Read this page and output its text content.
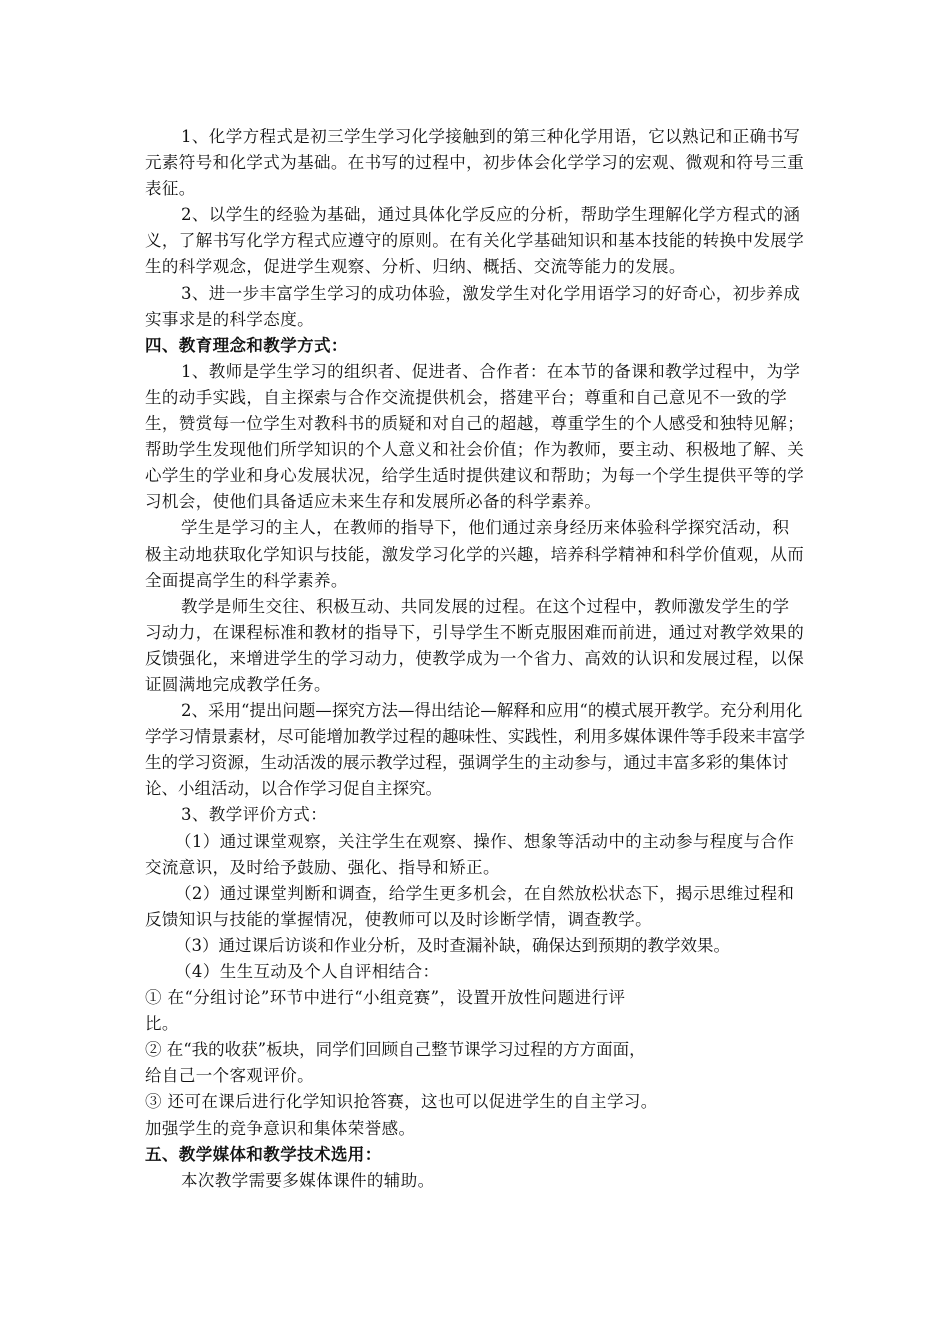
1、化学方程式是初三学生学习化学接触到的第三种化学用语，它以熟记和正确书写元素符号和化学式为基础。在书写的过程中，初步体会化学学习的宏观、微观和符号三重表征。

2、以学生的经验为基础，通过具体化学反应的分析，帮助学生理解化学方程式的涵义，了解书写化学方程式应遵守的原则。在有关化学基础知识和基本技能的转换中发展学生的科学观念，促进学生观察、分析、归纳、概括、交流等能力的发展。

3、进一步丰富学生学习的成功体验，激发学生对化学用语学习的好奇心，初步养成实事求是的科学态度。

四、教育理念和教学方式：

1、教师是学生学习的组织者、促进者、合作者：在本节的备课和教学过程中，为学生的动手实践，自主探索与合作交流提供机会，搭建平台；尊重和自己意见不一致的学生，赞赏每一位学生对教科书的质疑和对自己的超越，尊重学生的个人感受和独特见解；帮助学生发现他们所学知识的个人意义和社会价值；作为教师，要主动、积极地了解、关心学生的学业和身心发展状况，给学生适时提供建议和帮助；为每一个学生提供平等的学习机会，使他们具备适应未来生存和发展所必备的科学素养。

学生是学习的主人，在教师的指导下，他们通过亲身经历来体验科学探究活动，积极主动地获取化学知识与技能，激发学习化学的兴趣，培养科学精神和科学价值观，从而全面提高学生的科学素养。

教学是师生交往、积极互动、共同发展的过程。在这个过程中，教师激发学生的学习动力，在课程标准和教材的指导下，引导学生不断克服困难而前进，通过对教学效果的反馈强化，来增进学生的学习动力，使教学成为一个省力、高效的认识和发展过程，以保证圆满地完成教学任务。

2、采用“提出问题—探究方法—得出结论—解释和应用“的模式展开教学。充分利用化学学习情景素材，尽可能增加教学过程的趣味性、实践性，利用多媒体课件等手段来丰富学生的学习资源，生动活泼的展示教学过程，强调学生的主动参与，通过丰富多彩的集体讨论、小组活动，以合作学习促自主探究。

3、教学评价方式：

（1）通过课堂观察，关注学生在观察、操作、想象等活动中的主动参与程度与合作交流意识，及时给予鼓励、强化、指导和矫正。

（2）通过课堂判断和调查，给学生更多机会，在自然放松状态下，揭示思维过程和反馈知识与技能的掌握情况，使教师可以及时诊断学情，调查教学。

（3）通过课后访谈和作业分析，及时查漏补缺，确保达到预期的教学效果。

（4）生生互动及个人自评相结合：

① 在“分组讨论”环节中进行“小组竞赛”，设置开放性问题进行评

比。

② 在“我的收获”板块，同学们回顾自己整节课学习过程的方方面面，

给自己一个客观评价。

③ 还可在课后进行化学知识抢答赛，这也可以促进学生的自主学习。

加强学生的竞争意识和集体荣誉感。

五、教学媒体和教学技术选用：

本次教学需要多媒体课件的辅助。
